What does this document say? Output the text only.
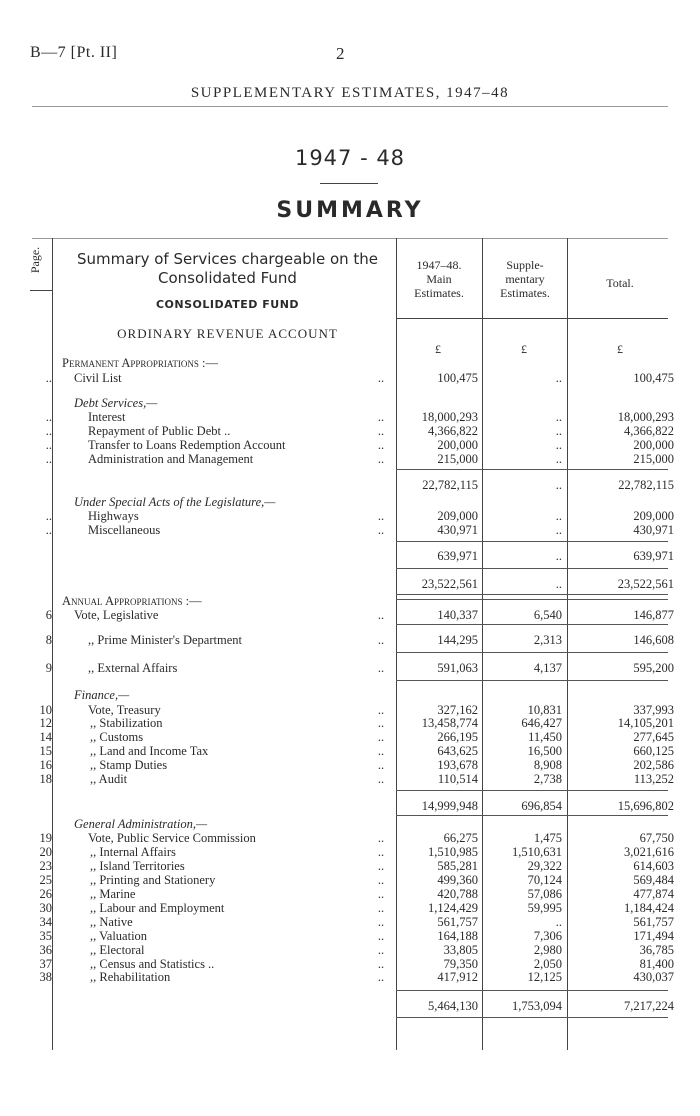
B—7 [Pt. II]	2
SUPPLEMENTARY ESTIMATES, 1947–48
1947 - 48
SUMMARY
Page.	Summary of Services chargeable on the Consolidated Fund
CONSOLIDATED FUND
1947–48.
Main
Estimates.
Supple-
mentary
Estimates.
Total.
ORDINARY REVENUE ACCOUNT
£	£	£
Permanent Appropriations :—
.. Civil List	..	100,475	..	100,475
Debt Services,—
..	Interest	..	18,000,293	..	18,000,293
..	Repayment of Public Debt ..	..	4,366,822	..	4,366,822
..	Transfer to Loans Redemption Account	..	200,000	..	200,000
..	Administration and Management	..	215,000	..	215,000
22,782,115	..	22,782,115
Under Special Acts of the Legislature,—
..	Highways	..	209,000	..	209,000
..	Miscellaneous	..	430,971	..	430,971
639,971	..	639,971
23,522,561	..	23,522,561
Annual Appropriations :—
6 Vote, Legislative	..	140,337	6,540	146,877
8	,, Prime Minister's Department	..	144,295	2,313	146,608
9	,, External Affairs	..	591,063	4,137	595,200
Finance,—
10	Vote, Treasury	..	327,162	10,831	337,993
12	,, Stabilization	..	13,458,774	646,427	14,105,201
14	,, Customs	..	266,195	11,450	277,645
15	,, Land and Income Tax	..	643,625	16,500	660,125
16	,, Stamp Duties	..	193,678	8,908	202,586
18	,, Audit	..	110,514	2,738	113,252
14,999,948	696,854	15,696,802
General Administration,—
19	Vote, Public Service Commission	..	66,275	1,475	67,750
20	,, Internal Affairs	..	1,510,985	1,510,631	3,021,616
23	,, Island Territories	..	585,281	29,322	614,603
25	,, Printing and Stationery	..	499,360	70,124	569,484
26	,, Marine	..	420,788	57,086	477,874
30	,, Labour and Employment	..	1,124,429	59,995	1,184,424
34	,, Native	..	561,757	..	561,757
35	,, Valuation	..	164,188	7,306	171,494
36	,, Electoral	..	33,805	2,980	36,785
37	,, Census and Statistics ..	..	79,350	2,050	81,400
38	,, Rehabilitation	..	417,912	12,125	430,037
5,464,130	1,753,094	7,217,224
